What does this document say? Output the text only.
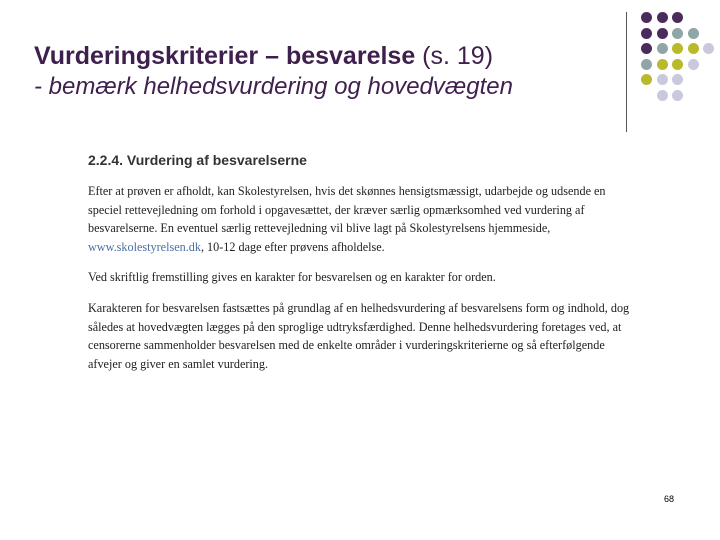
Vurderingskriterier – besvarelse (s. 19)
- bemærk helhedsvurdering og hovedvægten
2.2.4. Vurdering af besvarelserne

Efter at prøven er afholdt, kan Skolestyrelsen, hvis det skønnes hensigtsmæssigt, udarbejde og udsende en speciel rettevejledning om forhold i opgavesættet, der kræver særlig opmærksomhed ved vurdering af besvarelserne. En eventuel særlig rettevejledning vil blive lagt på Skolestyrelsens hjemmeside, www.skolestyrelsen.dk, 10-12 dage efter prøvens afholdelse.

Ved skriftlig fremstilling gives en karakter for besvarelsen og en karakter for orden.

Karakteren for besvarelsen fastsættes på grundlag af en helhedsvurdering af besvarelsens form og indhold, dog således at hovedvægten lægges på den sproglige udtryksfærdighed. Denne helhedsvurdering foretages ved, at censorerne sammenholder besvarelsen med de enkelte områder i vurderingskriterierne og så efterfølgende afvejer og giver en samlet vurdering.

68
